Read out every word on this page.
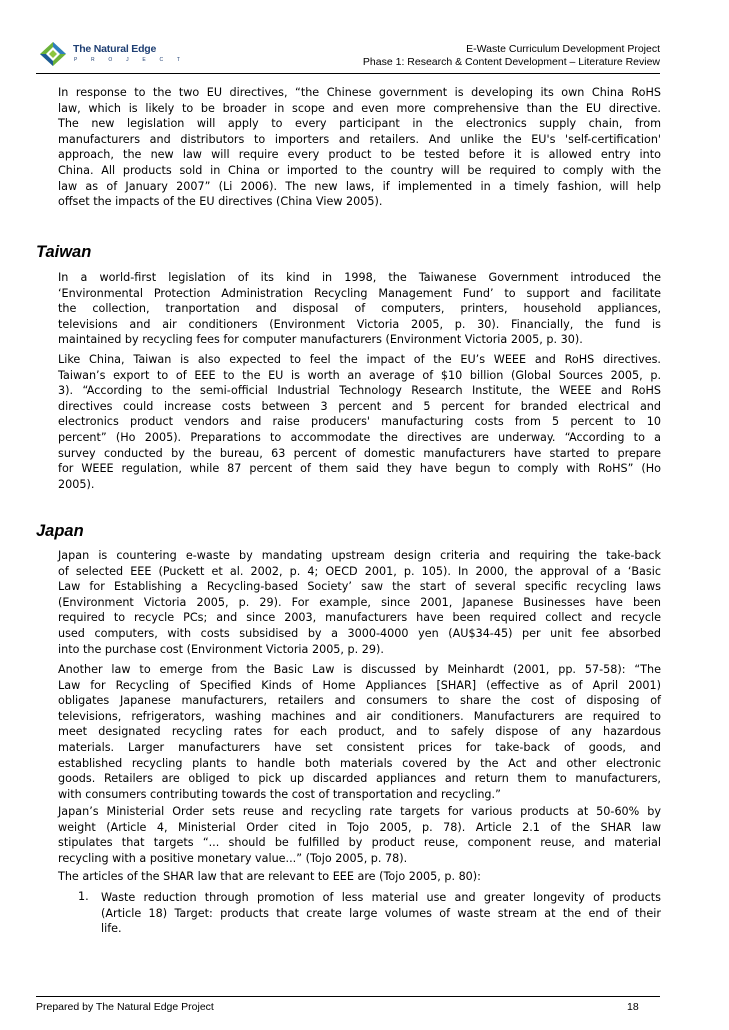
The Natural Edge
P R O J E C T
E-Waste Curriculum Development Project
Phase 1: Research & Content Development – Literature Review
In response to the two EU directives, “the Chinese government is developing its own China RoHS
law, which is likely to be broader in scope and even more comprehensive than the EU directive.
The new legislation will apply to every participant in the electronics supply chain, from
manufacturers and distributors to importers and retailers. And unlike the EU's 'self-certification'
approach, the new law will require every product to be tested before it is allowed entry into
China. All products sold in China or imported to the country will be required to comply with the
law as of January 2007” (Li 2006). The new laws, if implemented in a timely fashion, will help
offset the impacts of the EU directives (China View 2005).
Taiwan
In a world-first legislation of its kind in 1998, the Taiwanese Government introduced the
‘Environmental Protection Administration Recycling Management Fund’ to support and facilitate
the collection, tranportation and disposal of computers, printers, household appliances,
televisions and air conditioners (Environment Victoria 2005, p. 30). Financially, the fund is
maintained by recycling fees for computer manufacturers (Environment Victoria 2005, p. 30).
Like China, Taiwan is also expected to feel the impact of the EU’s WEEE and RoHS directives.
Taiwan’s export to of EEE to the EU is worth an average of $10 billion (Global Sources 2005, p.
3). “According to the semi-official Industrial Technology Research Institute, the WEEE and RoHS
directives could increase costs between 3 percent and 5 percent for branded electrical and
electronics product vendors and raise producers' manufacturing costs from 5 percent to 10
percent” (Ho 2005). Preparations to accommodate the directives are underway. “According to a
survey conducted by the bureau, 63 percent of domestic manufacturers have started to prepare
for WEEE regulation, while 87 percent of them said they have begun to comply with RoHS” (Ho
2005).
Japan
Japan is countering e-waste by mandating upstream design criteria and requiring the take-back
of selected EEE (Puckett et al. 2002, p. 4; OECD 2001, p. 105). In 2000, the approval of a ‘Basic
Law for Establishing a Recycling-based Society’ saw the start of several specific recycling laws
(Environment Victoria 2005, p. 29). For example, since 2001, Japanese Businesses have been
required to recycle PCs; and since 2003, manufacturers have been required collect and recycle
used computers, with costs subsidised by a 3000-4000 yen (AU$34-45) per unit fee absorbed
into the purchase cost (Environment Victoria 2005, p. 29).
Another law to emerge from the Basic Law is discussed by Meinhardt (2001, pp. 57-58): “The
Law for Recycling of Specified Kinds of Home Appliances [SHAR] (effective as of April 2001)
obligates Japanese manufacturers, retailers and consumers to share the cost of disposing of
televisions, refrigerators, washing machines and air conditioners. Manufacturers are required to
meet designated recycling rates for each product, and to safely dispose of any hazardous
materials. Larger manufacturers have set consistent prices for take-back of goods, and
established recycling plants to handle both materials covered by the Act and other electronic
goods. Retailers are obliged to pick up discarded appliances and return them to manufacturers,
with consumers contributing towards the cost of transportation and recycling.”
Japan’s Ministerial Order sets reuse and recycling rate targets for various products at 50-60% by
weight (Article 4, Ministerial Order cited in Tojo 2005, p. 78). Article 2.1 of the SHAR law
stipulates that targets “... should be fulfilled by product reuse, component reuse, and material
recycling with a positive monetary value...” (Tojo 2005, p. 78).
The articles of the SHAR law that are relevant to EEE are (Tojo 2005, p. 80):
1. Waste reduction through promotion of less material use and greater longevity of products
(Article 18) Target: products that create large volumes of waste stream at the end of their
life.
Prepared by The Natural Edge Project	18
